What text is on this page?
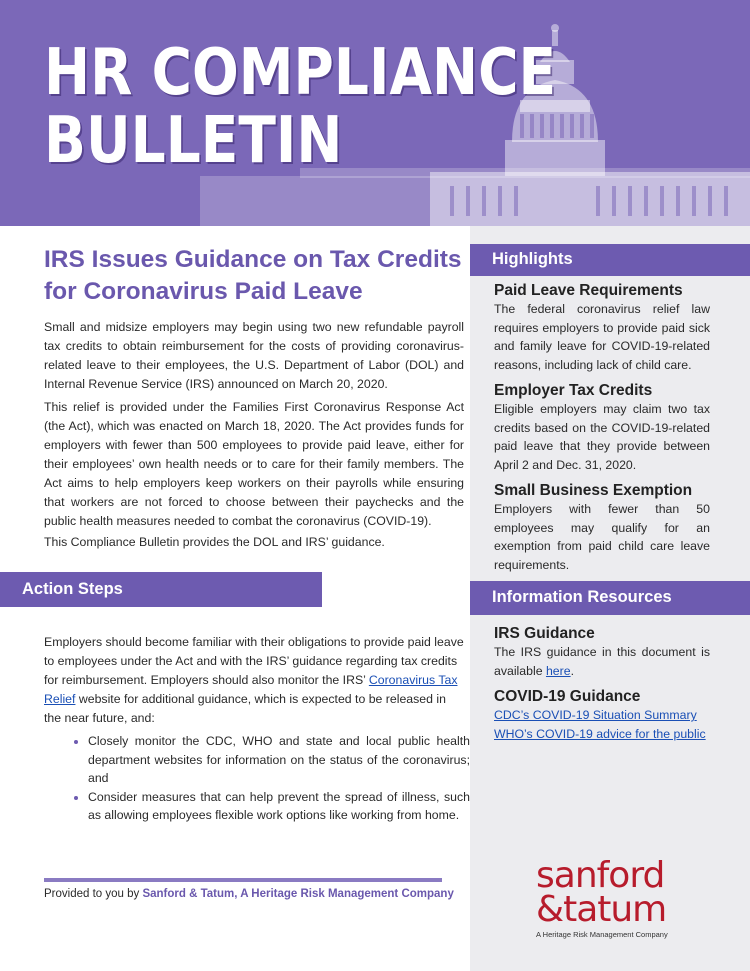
HR COMPLIANCE
BULLETIN
IRS Issues Guidance on Tax Credits for Coronavirus Paid Leave
Small and midsize employers may begin using two new refundable payroll tax credits to obtain reimbursement for the costs of providing coronavirus-related leave to their employees, the U.S. Department of Labor (DOL) and Internal Revenue Service (IRS) announced on March 20, 2020.
This relief is provided under the Families First Coronavirus Response Act (the Act), which was enacted on March 18, 2020. The Act provides funds for employers with fewer than 500 employees to provide paid leave, either for their employees’ own health needs or to care for their family members. The Act aims to help employers keep workers on their payrolls while ensuring that workers are not forced to choose between their paychecks and the public health measures needed to combat the coronavirus (COVID-19).
This Compliance Bulletin provides the DOL and IRS’ guidance.
Action Steps
Employers should become familiar with their obligations to provide paid leave to employees under the Act and with the IRS’ guidance regarding tax credits for reimbursement. Employers should also monitor the IRS’ Coronavirus Tax Relief website for additional guidance, which is expected to be released in the near future, and:
• Closely monitor the CDC, WHO and state and local public health department websites for information on the status of the coronavirus; and
• Consider measures that can help prevent the spread of illness, such as allowing employees flexible work options like working from home.
Highlights
Paid Leave Requirements
The federal coronavirus relief law requires employers to provide paid sick and family leave for COVID-19-related reasons, including lack of child care.
Employer Tax Credits
Eligible employers may claim two tax credits based on the COVID-19-related paid leave that they provide between April 2 and Dec. 31, 2020.
Small Business Exemption
Employers with fewer than 50 employees may qualify for an exemption from paid child care leave requirements.
Information Resources
IRS Guidance
The IRS guidance in this document is available here.
COVID-19 Guidance
CDC’s COVID-19 Situation Summary
WHO’s COVID-19 advice for the public
Provided to you by Sanford & Tatum, A Heritage Risk Management Company sanford
&tatum
A Heritage Risk Management Company
